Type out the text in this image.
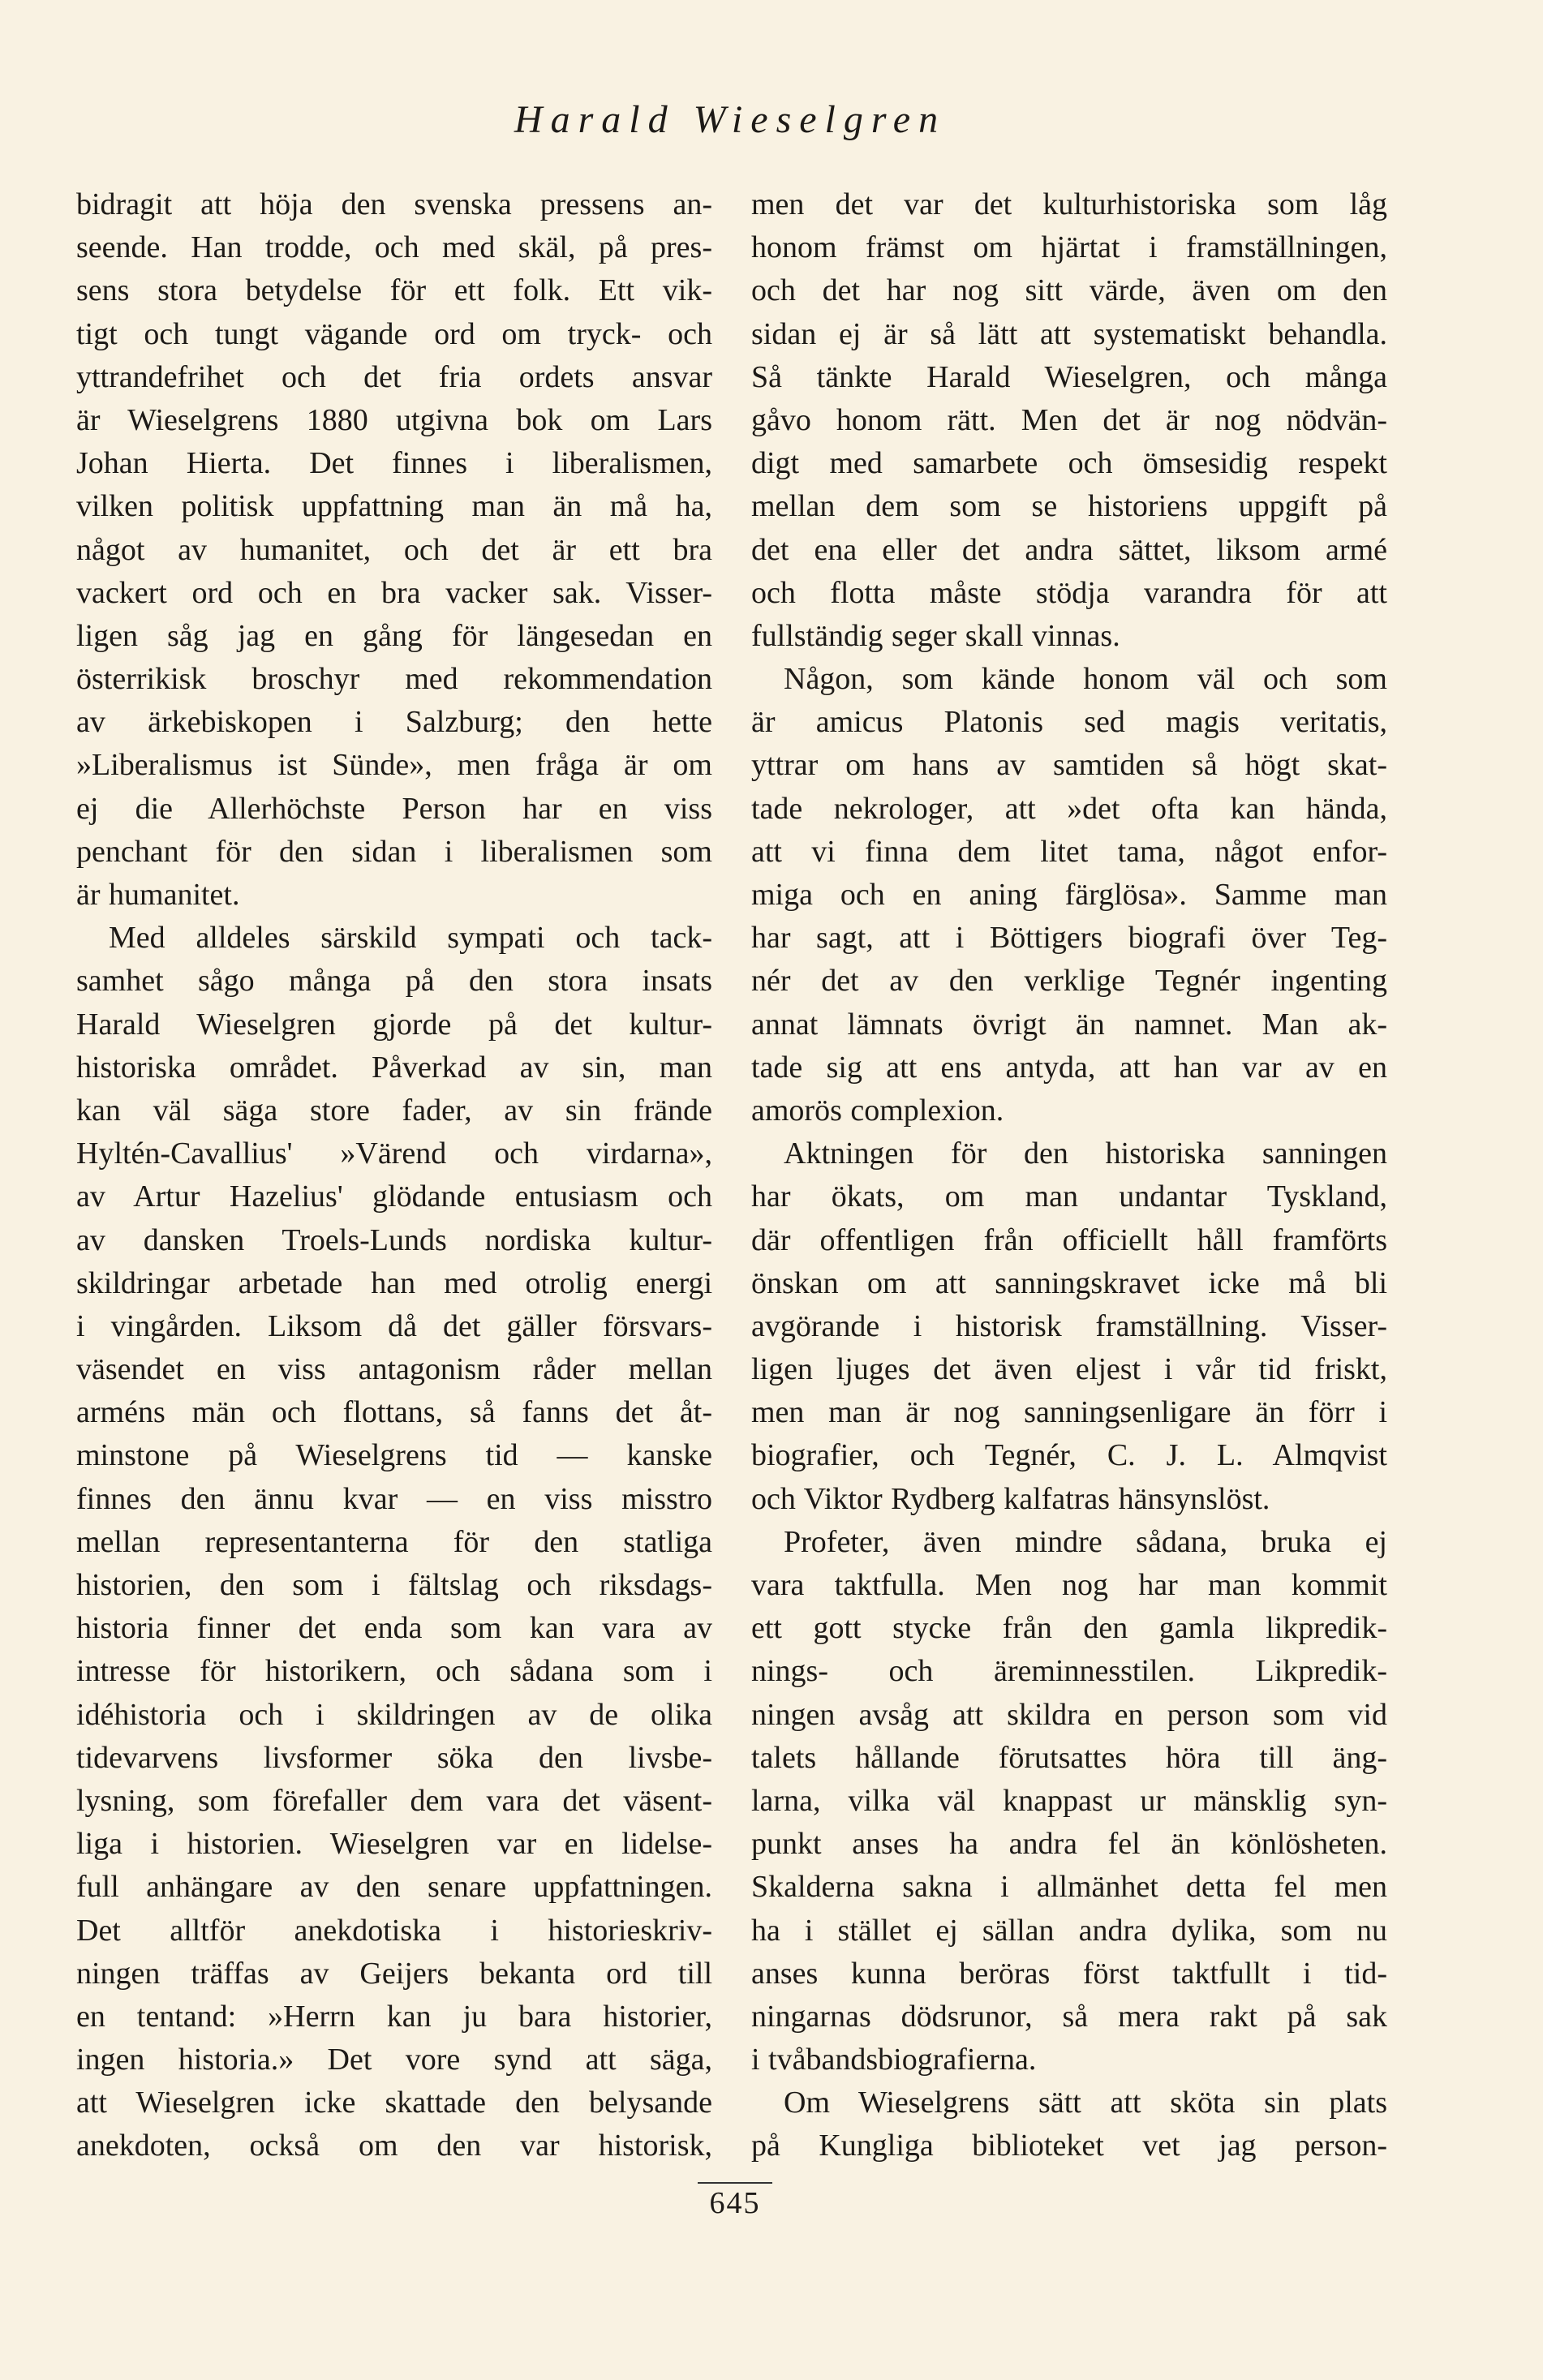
Harald Wieselgren
bidragit att höja den svenska pressens an-
seende. Han trodde, och med skäl, på pres-
sens stora betydelse för ett folk. Ett vik-
tigt och tungt vägande ord om tryck- och
yttrandefrihet och det fria ordets ansvar
är Wieselgrens 1880 utgivna bok om Lars
Johan Hierta. Det finnes i liberalismen,
vilken politisk uppfattning man än må ha,
något av humanitet, och det är ett bra
vackert ord och en bra vacker sak. Visser-
ligen såg jag en gång för längesedan en
österrikisk broschyr med rekommendation
av ärkebiskopen i Salzburg; den hette
»Liberalismus ist Sünde», men fråga är om
ej die Allerhöchste Person har en viss
penchant för den sidan i liberalismen som
är humanitet.
Med alldeles särskild sympati och tack-
samhet sågo många på den stora insats
Harald Wieselgren gjorde på det kultur-
historiska området. Påverkad av sin, man
kan väl säga store fader, av sin frände
Hyltén-Cavallius' »Värend och virdarna»,
av Artur Hazelius' glödande entusiasm och
av dansken Troels-Lunds nordiska kultur-
skildringar arbetade han med otrolig energi
i vingården. Liksom då det gäller försvars-
väsendet en viss antagonism råder mellan
arméns män och flottans, så fanns det åt-
minstone på Wieselgrens tid — kanske
finnes den ännu kvar — en viss misstro
mellan representanterna för den statliga
historien, den som i fältslag och riksdags-
historia finner det enda som kan vara av
intresse för historikern, och sådana som i
idéhistoria och i skildringen av de olika
tidevarvens livsformer söka den livsbe-
lysning, som förefaller dem vara det väsent-
liga i historien. Wieselgren var en lidelse-
full anhängare av den senare uppfattningen.
Det alltför anekdotiska i historieskriv-
ningen träffas av Geijers bekanta ord till
en tentand: »Herrn kan ju bara historier,
ingen historia.» Det vore synd att säga,
att Wieselgren icke skattade den belysande
anekdoten, också om den var historisk,
men det var det kulturhistoriska som låg
honom främst om hjärtat i framställningen,
och det har nog sitt värde, även om den
sidan ej är så lätt att systematiskt behandla.
Så tänkte Harald Wieselgren, och många
gåvo honom rätt. Men det är nog nödvän-
digt med samarbete och ömsesidig respekt
mellan dem som se historiens uppgift på
det ena eller det andra sättet, liksom armé
och flotta måste stödja varandra för att
fullständig seger skall vinnas.
Någon, som kände honom väl och som
är amicus Platonis sed magis veritatis,
yttrar om hans av samtiden så högt skat-
tade nekrologer, att »det ofta kan hända,
att vi finna dem litet tama, något enfor-
miga och en aning färglösa». Samme man
har sagt, att i Böttigers biografi över Teg-
nér det av den verklige Tegnér ingenting
annat lämnats övrigt än namnet. Man ak-
tade sig att ens antyda, att han var av en
amorös complexion.
Aktningen för den historiska sanningen
har ökats, om man undantar Tyskland,
där offentligen från officiellt håll framförts
önskan om att sanningskravet icke må bli
avgörande i historisk framställning. Visser-
ligen ljuges det även eljest i vår tid friskt,
men man är nog sanningsenligare än förr i
biografier, och Tegnér, C. J. L. Almqvist
och Viktor Rydberg kalfatras hänsynslöst.
Profeter, även mindre sådana, bruka ej
vara taktfulla. Men nog har man kommit
ett gott stycke från den gamla likpredik-
nings- och äreminnesstilen. Likpredik-
ningen avsåg att skildra en person som vid
talets hållande förutsattes höra till äng-
larna, vilka väl knappast ur mänsklig syn-
punkt anses ha andra fel än könlösheten.
Skalderna sakna i allmänhet detta fel men
ha i stället ej sällan andra dylika, som nu
anses kunna beröras först taktfullt i tid-
ningarnas dödsrunor, så mera rakt på sak
i tvåbandsbiografierna.
Om Wieselgrens sätt att sköta sin plats
på Kungliga biblioteket vet jag person-
645
